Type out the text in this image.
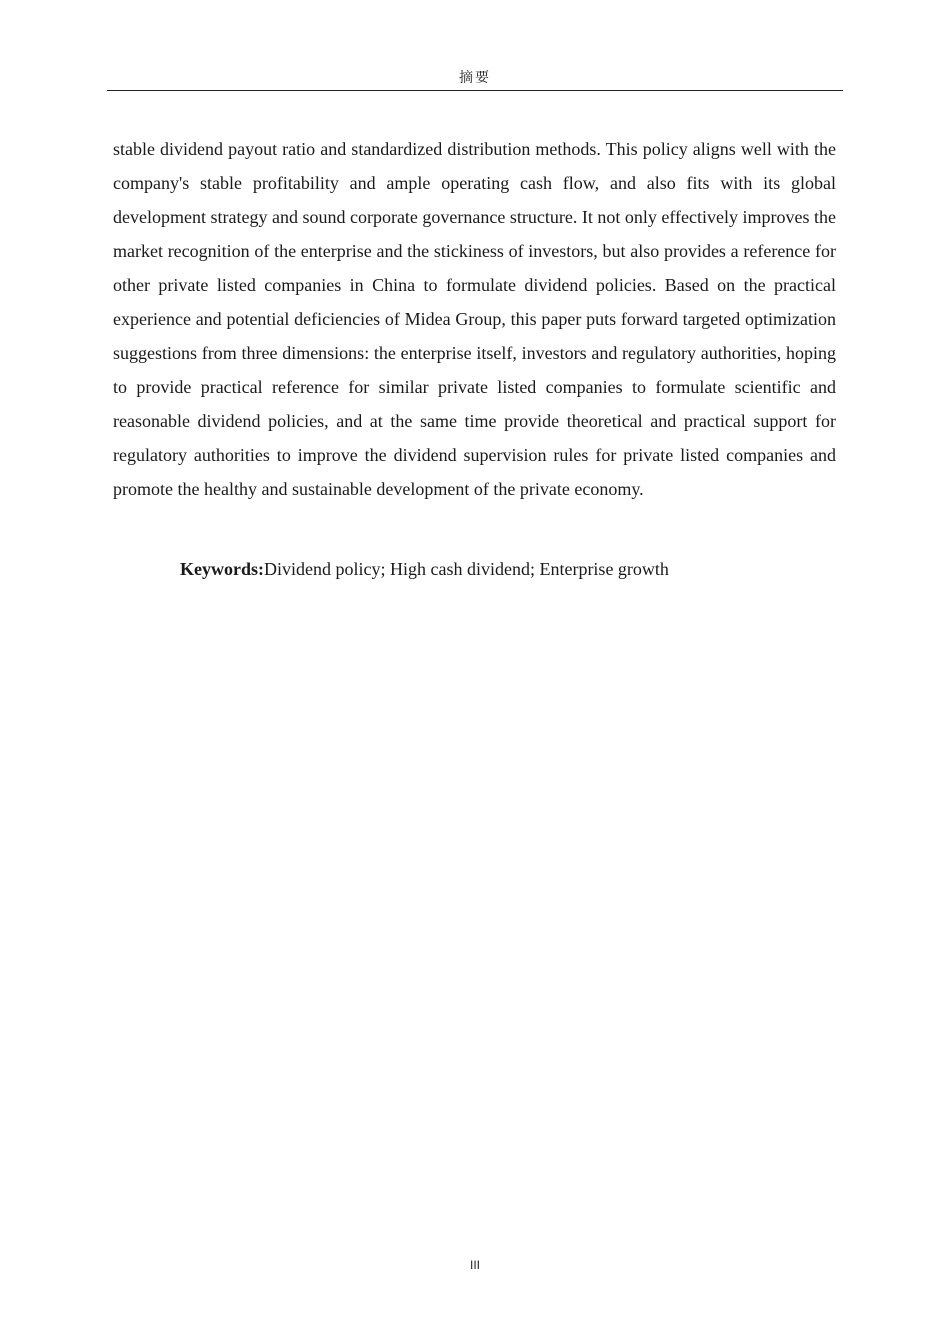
摘要

stable dividend payout ratio and standardized distribution methods. This policy aligns well with the company's stable profitability and ample operating cash flow, and also fits with its global development strategy and sound corporate governance structure. It not only effectively improves the market recognition of the enterprise and the stickiness of investors, but also provides a reference for other private listed companies in China to formulate dividend policies. Based on the practical experience and potential deficiencies of Midea Group, this paper puts forward targeted optimization suggestions from three dimensions: the enterprise itself, investors and regulatory authorities, hoping to provide practical reference for similar private listed companies to formulate scientific and reasonable dividend policies, and at the same time provide theoretical and practical support for regulatory authorities to improve the dividend supervision rules for private listed companies and promote the healthy and sustainable development of the private economy.

Keywords:Dividend policy; High cash dividend; Enterprise growth

III
